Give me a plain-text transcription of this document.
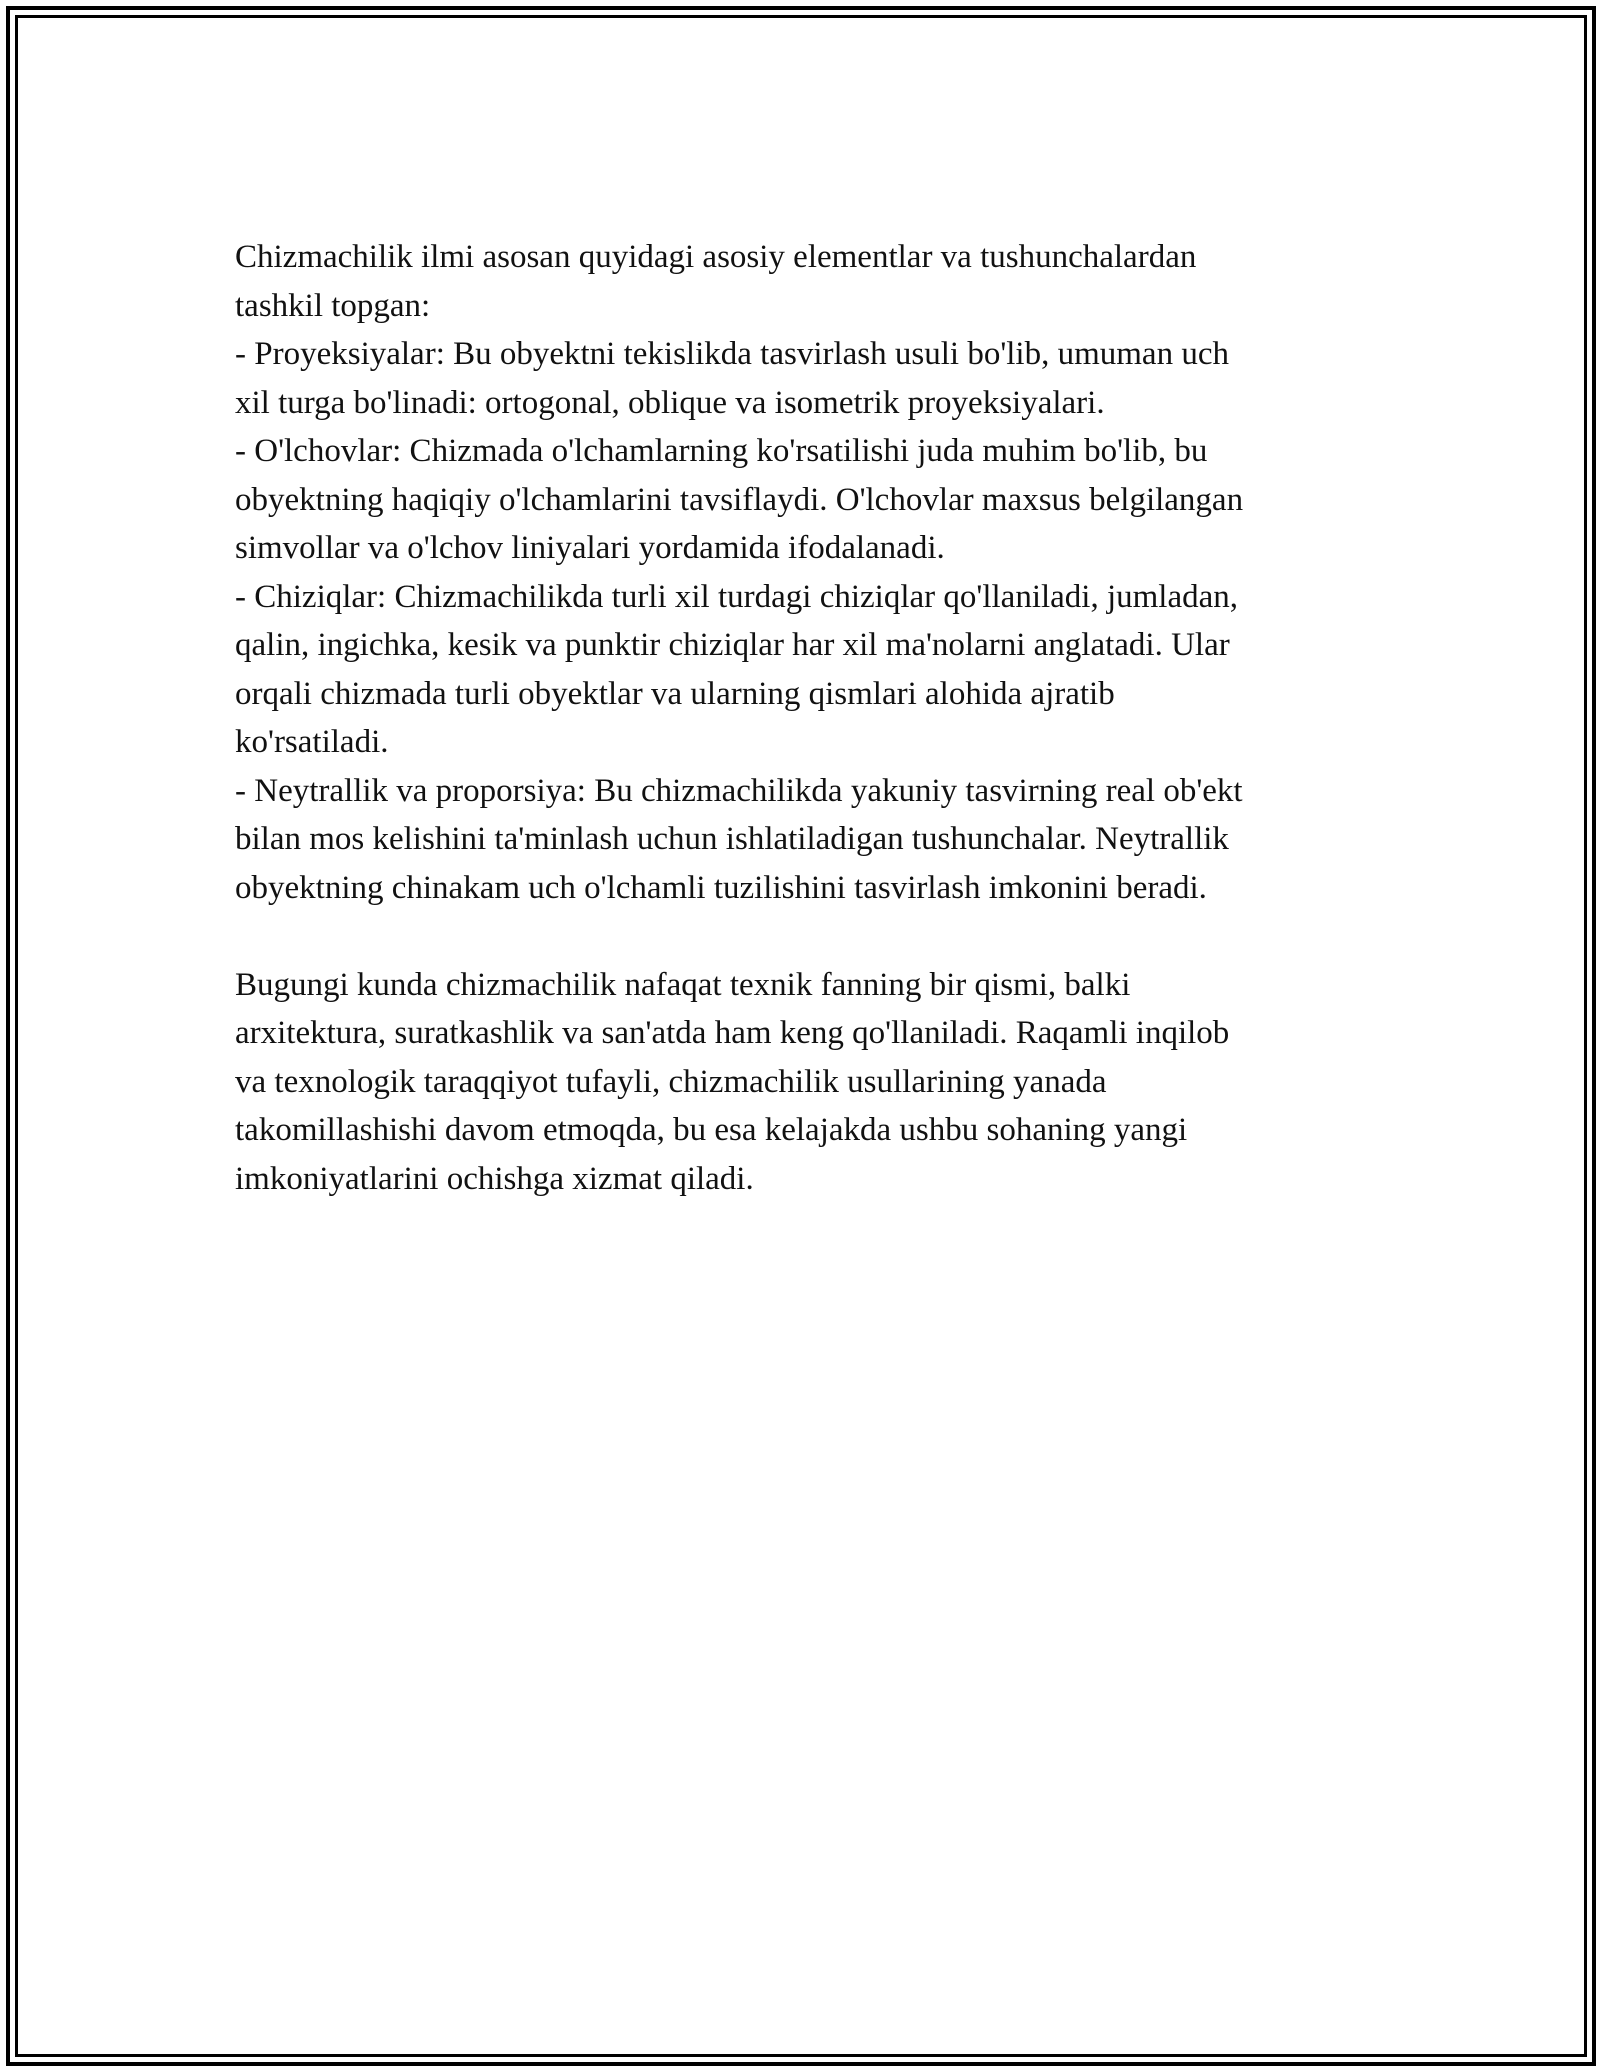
Chizmachilik ilmi asosan quyidagi asosiy elementlar va tushunchalardan
tashkil topgan:
- Proyeksiyalar: Bu obyektni tekislikda tasvirlash usuli bo'lib, umuman uch
xil turga bo'linadi: ortogonal, oblique va isometrik proyeksiyalari.
- O'lchovlar: Chizmada o'lchamlarning ko'rsatilishi juda muhim bo'lib, bu
obyektning haqiqiy o'lchamlarini tavsiflaydi. O'lchovlar maxsus belgilangan
simvollar va o'lchov liniyalari yordamida ifodalanadi.
- Chiziqlar: Chizmachilikda turli xil turdagi chiziqlar qo'llaniladi, jumladan,
qalin, ingichka, kesik va punktir chiziqlar har xil ma'nolarni anglatadi. Ular
orqali chizmada turli obyektlar va ularning qismlari alohida ajratib
ko'rsatiladi.
- Neytrallik va proporsiya: Bu chizmachilikda yakuniy tasvirning real ob'ekt
bilan mos kelishini ta'minlash uchun ishlatiladigan tushunchalar. Neytrallik
obyektning chinakam uch o'lchamli tuzilishini tasvirlash imkonini beradi.
Bugungi kunda chizmachilik nafaqat texnik fanning bir qismi, balki
arxitektura, suratkashlik va san'atda ham keng qo'llaniladi. Raqamli inqilob
va texnologik taraqqiyot tufayli, chizmachilik usullarining yanada
takomillashishi davom etmoqda, bu esa kelajakda ushbu sohaning yangi
imkoniyatlarini ochishga xizmat qiladi.
